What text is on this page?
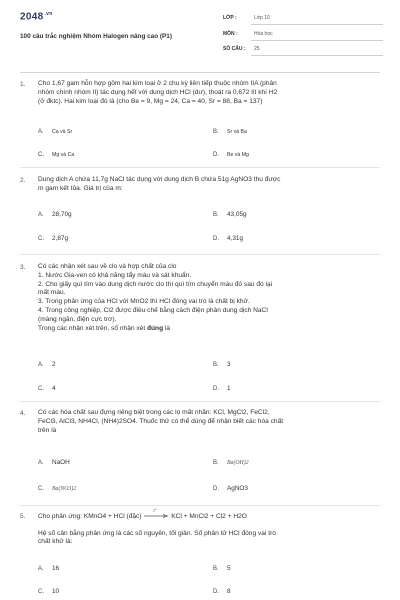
$2048^{.vn}$
100 câu trắc nghiệm Nhóm Halogen nâng cao (P1)
LỚP :	Lớp 10
MÔN :	Hóa học
SỐ CÂU : 25
1. Cho 1,67 gam hỗn hợp gồm hai kim loại ở 2 chu kỳ liên tiếp thuộc nhóm IIA (phân
nhóm chính nhóm II) tác dụng hết với dung dịch HCl (dư), thoát ra 0,672 lít khí H2
(ở đktc). Hai kim loại đó là (cho Be = 9, Mg = 24, Ca = 40, Sr = 88, Ba = 137)
A. Ca và Sr	B. Sr và Ba
C. Mg và Ca	D. Be và Mg
2. Dung dịch A chứa 11,7g NaCl tác dụng với dung dịch B chứa 51g AgNO3 thu được
m gam kết tủa. Giá trị của m:
A. 28,70g	B. 43,05g
C. 2,87g	D. 4,31g
3. Có các nhận xét sau về clo và hợp chất của clo
1. Nước Gia-ven có khả năng tẩy màu và sát khuẩn.
2. Cho giấy quì tím vào dung dịch nước clo thì quì tím chuyển màu đỏ sau đó lại
mất màu.
3. Trong phản ứng của HCl với MnO2 thì HCl đóng vai trò là chất bị khử.
4. Trong công nghiệp, Cl2 được điều chế bằng cách điện phân dung dịch NaCl
(màng ngăn, điện cực trơ).
Trong các nhận xét trên, số nhận xét đúng là
A. 2	B. 3
C. 4	D. 1
4. Có các hóa chất sau đựng riêng biệt trong các lọ mất nhãn: KCl, MgCl2, FeCl2,
FeCl3, AlCl3, NH4Cl, (NH4)2SO4. Thuốc thử có thể dùng để nhận biết các hóa chất
trên là
A. NaOH	B. Ba(OH)2
C. Ba(NO3)2	D. AgNO3
5. Cho phản ứng: KMnO4 + HCl (đặc)
t°
KCl + MnCl2 + Cl2 + H2O
Hệ số cân bằng phản ứng là các số nguyên, tối giản. Số phân tử HCl đóng vai trò
chất khử là:
A. 16	B. 5
C. 10	D. 8
